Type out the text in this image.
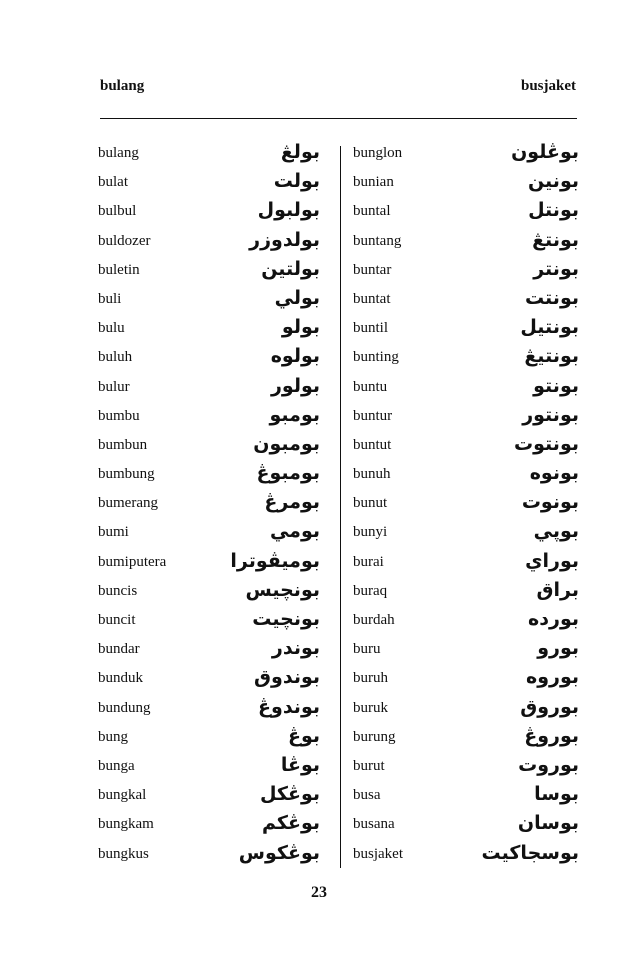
bulang	busjaket
bulang	بولڠ
bulat	بولت
bulbul	بولبول
buldozer	بولدوزر
buletin	بولتين
buli	بولي
bulu	بولو
buluh	بولوه
bulur	بولور
bumbu	بومبو
bumbun	بومبون
bumbung	بومبوڠ
bumerang	بومرڠ
bumi	بومي
bumiputera	بوميڤوترا
buncis	بونچيس
buncit	بونچيت
bundar	بوندر
bunduk	بوندوق
bundung	بوندوڠ
bung	بوڠ
bunga	بوڠا
bungkal	بوڠكل
bungkam	بوڠكم
bungkus	بوڠكوس
bunglon	بوڠلون
bunian	بونين
buntal	بونتل
buntang	بونتڠ
buntar	بونتر
buntat	بونتت
buntil	بونتيل
bunting	بونتيڠ
buntu	بونتو
buntur	بونتور
buntut	بونتوت
bunuh	بونوه
bunut	بونوت
bunyi	بوڽي
burai	بوراي
buraq	براق
burdah	بورده
buru	بورو
buruh	بوروه
buruk	بوروق
burung	بوروڠ
burut	بوروت
busa	بوسا
busana	بوسان
busjaket	بوسجاكيت
23
